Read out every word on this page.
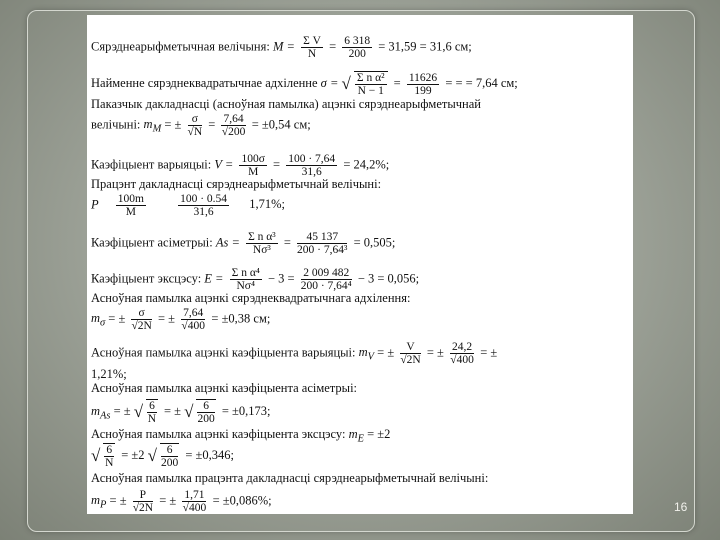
Сярэднеарыфметычная велічыня: $M = \frac{\text{Σ V}}{N} = \frac{6 318}{200} = 31,59 = 31,6$ см;
Найменне сярэднеквадратычнае адхіленне σ = √ $\frac{\text{Σ n α²}}{N - 1} = \frac{11626}{199}$ = = = 7,64 см;
Паказчык дакладнасці (асноўная памылка) ацэнкі сярэднеарыфметычнай
велічыні: $m_M$ = ± $\frac{\sigma}{√N} = \frac{7,64}{√200} = \pm 0,54$ см;
Каэфіцыент варыяцыі: $V = \frac{100\sigma}{M} = \frac{100 \cdot 7,64}{31,6} = 24,2\%$;
Працэнт дакладнасці сярэднеарыфметычнай велічыні:
P $\frac{100m}{M}$
	$\frac{100 \cdot 0.54}{31,6} 1,71\%$;
Каэфіцыент асіметрыі: $As = \frac{\text{Σ n α³}}{\text{Nσ³}} = \frac{45 137}{\text{200 · 7,64³}} = 0,505$;
Каэфіцыент эксцэсу: $E = \frac{\text{Σ n α⁴}}{\text{Nσ⁴}} - 3 = \frac{2 009 482}{\text{200 · 7,64⁴}} - 3 = 0,056$;
Асноўная памылка ацэнкі сярэднеквадратычнага адхілення:
$m_\sigma$ = ± $\frac{\sigma}{√2N}$ = ± $\frac{7,64}{√400} = \pm 0,38$ см;
Асноўная памылка ацэнкі каэфіцыента варыяцыі: $m_V$ = ± $\frac{V}{√2N}$ = ± $\frac{24,2}{√400}$ = ±
1,21%;
Асноўная памылка ацэнкі каэфіцыента асіметрыі:
$m_{As}$ = ± √ $\frac{6}{N}$ = ± √ $\frac{6}{200} = \pm 0,173$;
Асноўная памылка ацэнкі каэфіцыента эксцэсу: $m_E = \pm 2$
√ $\frac{6}{N} = \pm 2$ √ $\frac{6}{200} = \pm 0,346$;
Асноўная памылка працэнта дакладнасці сярэднеарыфметычнай велічыні:
$m_P$ = ± $\frac{P}{√2N}$ = ± $\frac{1,71}{√400} = \pm 0,086\%$;	16
